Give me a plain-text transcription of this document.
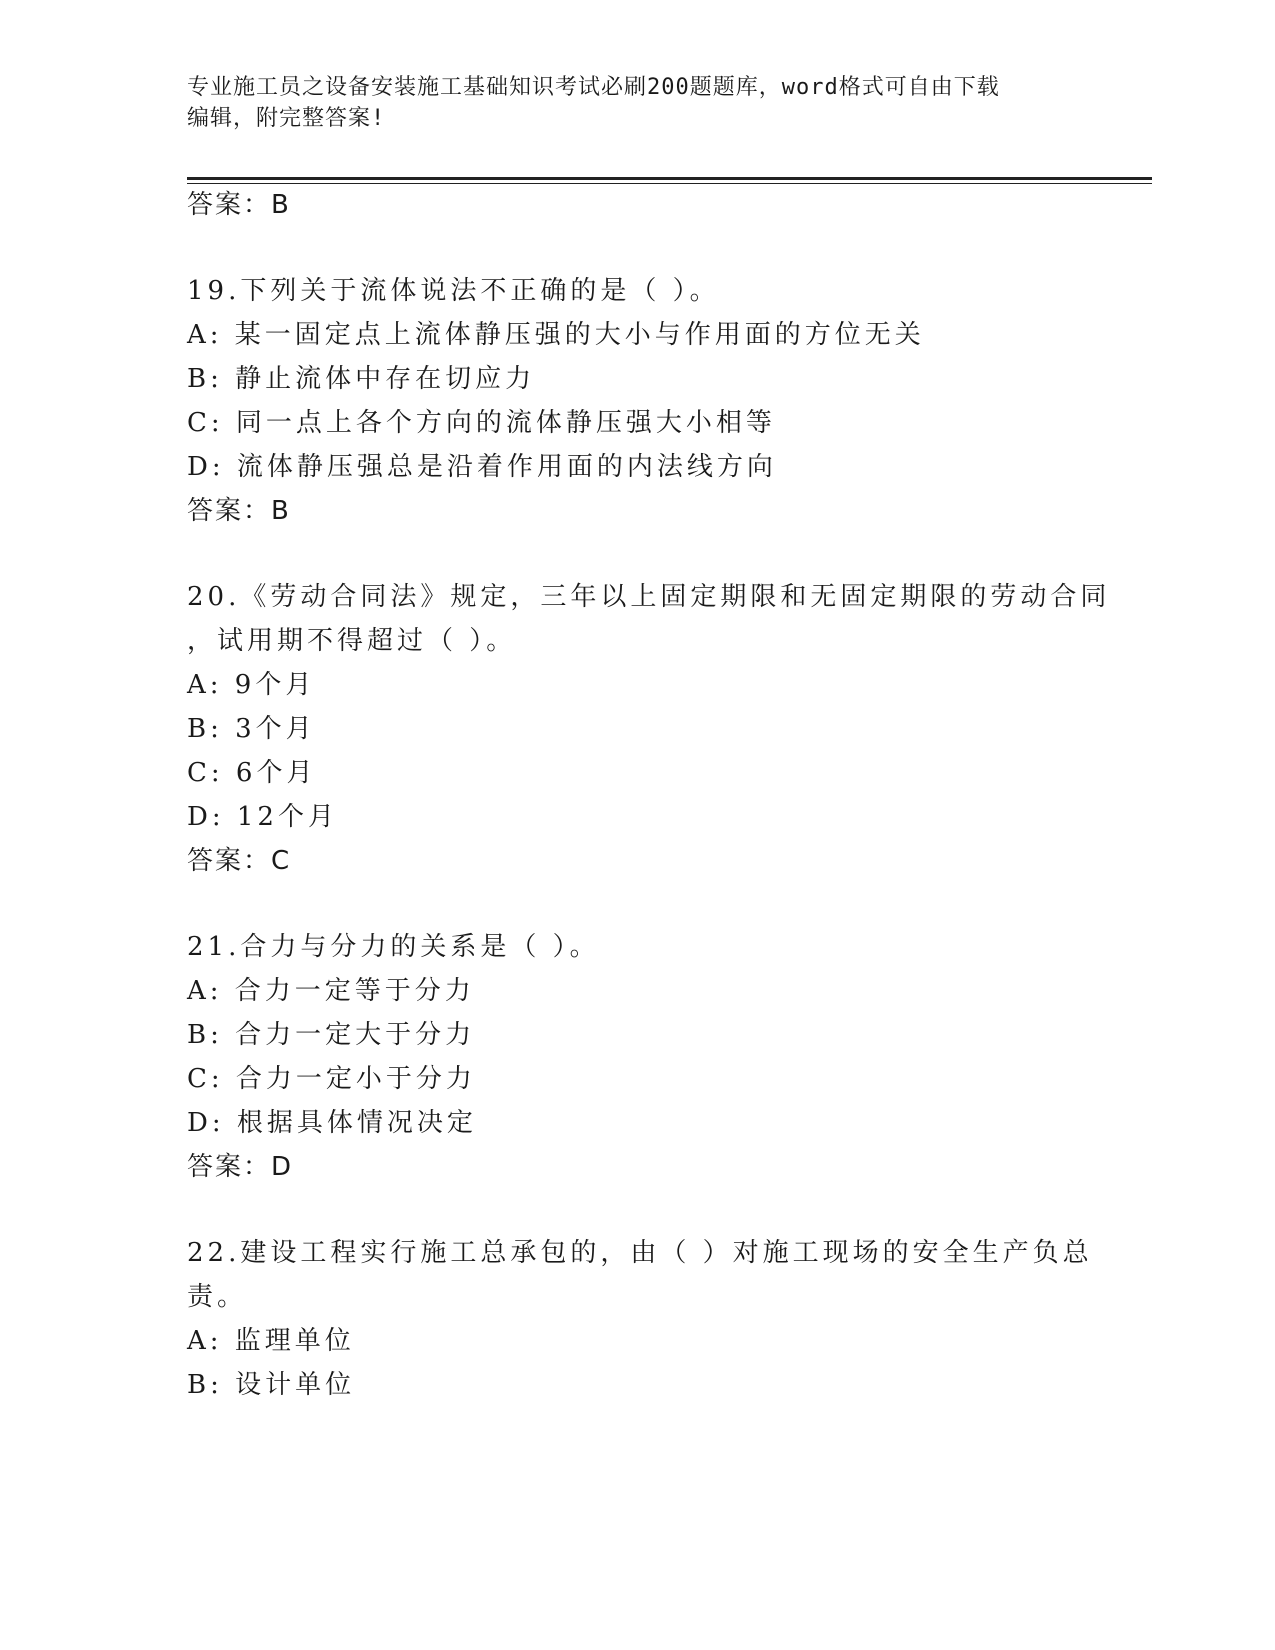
专业施工员之设备安装施工基础知识考试必刷200题题库，word格式可自由下载
编辑，附完整答案!
答案：B
19.下列关于流体说法不正确的是（ ）。
A: 某一固定点上流体静压强的大小与作用面的方位无关
B: 静止流体中存在切应力
C: 同一点上各个方向的流体静压强大小相等
D: 流体静压强总是沿着作用面的内法线方向
答案：B
20.《劳动合同法》规定，三年以上固定期限和无固定期限的劳动合同
，试用期不得超过（ ）。
A: 9个月
B: 3个月
C: 6个月
D: 12个月
答案：C
21.合力与分力的关系是（ ）。
A: 合力一定等于分力
B: 合力一定大于分力
C: 合力一定小于分力
D: 根据具体情况决定
答案：D
22.建设工程实行施工总承包的，由（ ）对施工现场的安全生产负总
责。
A: 监理单位
B: 设计单位
